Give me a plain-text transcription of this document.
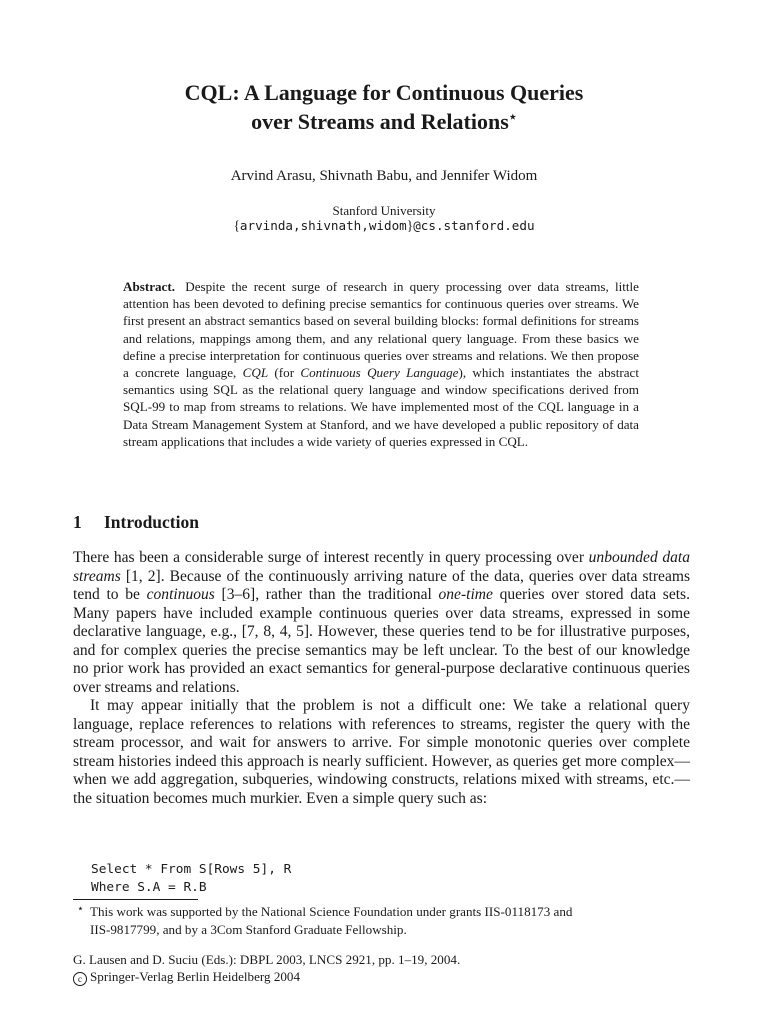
CQL: A Language for Continuous Queries
over Streams and Relations⋆
Arvind Arasu, Shivnath Babu, and Jennifer Widom
Stanford University
{arvinda,shivnath,widom}@cs.stanford.edu
Abstract. Despite the recent surge of research in query processing over data streams, little attention has been devoted to defining precise semantics for continuous queries over streams. We first present an abstract semantics based on several building blocks: formal definitions for streams and relations, mappings among them, and any relational query language. From these basics we define a precise interpretation for continuous queries over streams and relations. We then propose a concrete language, CQL (for Continuous Query Language), which instantiates the abstract semantics using SQL as the relational query language and window specifications derived from SQL-99 to map from streams to relations. We have implemented most of the CQL language in a Data Stream Management System at Stanford, and we have developed a public repository of data stream applications that includes a wide variety of queries expressed in CQL.
1 Introduction

There has been a considerable surge of interest recently in query processing over unbounded data streams [1, 2]. Because of the continuously arriving nature of the data, queries over data streams tend to be continuous [3–6], rather than the traditional one-time queries over stored data sets. Many papers have included example continuous queries over data streams, expressed in some declarative language, e.g., [7, 8, 4, 5]. However, these queries tend to be for illustrative purposes, and for complex queries the precise semantics may be left unclear. To the best of our knowledge no prior work has provided an exact semantics for general-purpose declarative continuous queries over streams and relations.

It may appear initially that the problem is not a difficult one: We take a relational query language, replace references to relations with references to streams, register the query with the stream processor, and wait for answers to arrive. For simple monotonic queries over complete stream histories indeed this approach is nearly sufficient. However, as queries get more complex—when we add aggregation, subqueries, windowing constructs, relations mixed with streams, etc.—the situation becomes much murkier. Even a simple query such as:

Select * From S[Rows 5], R
Where S.A = R.B
⋆ This work was supported by the National Science Foundation under grants IIS-0118173 and
IIS-9817799, and by a 3Com Stanford Graduate Fellowship.
G. Lausen and D. Suciu (Eds.): DBPL 2003, LNCS 2921, pp. 1–19, 2004.
c Springer-Verlag Berlin Heidelberg 2004
